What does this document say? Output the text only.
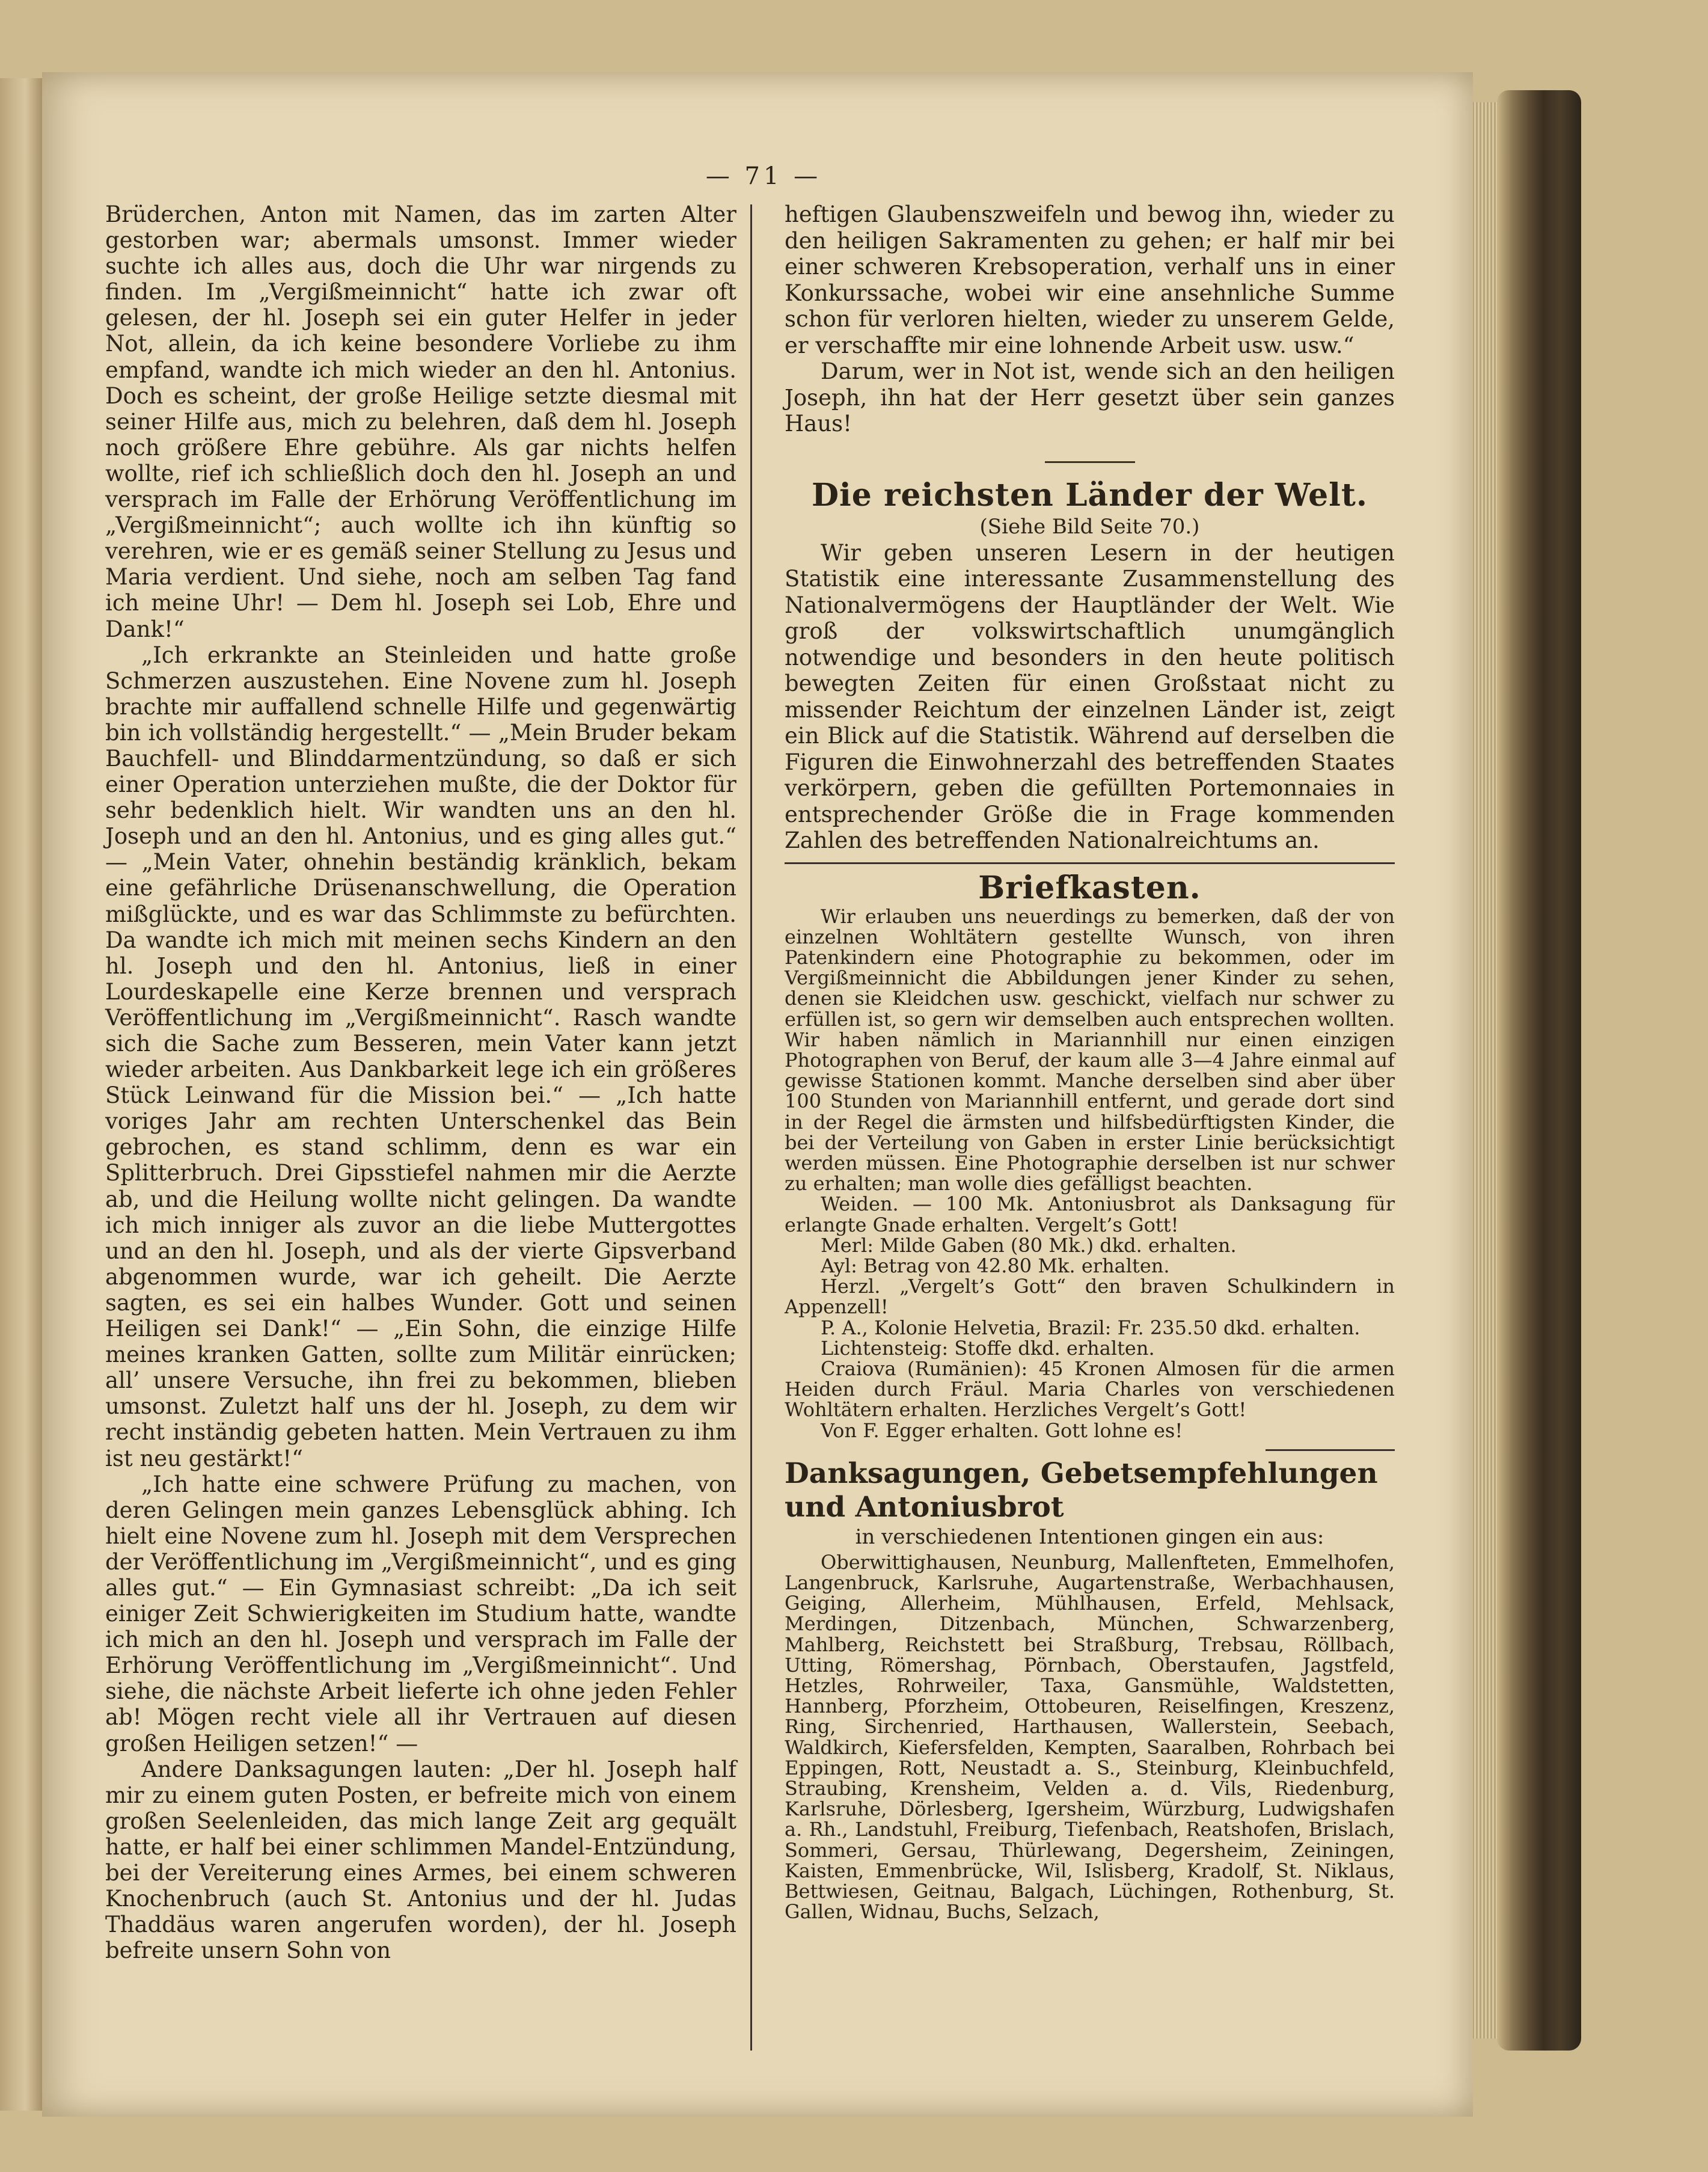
— 71 —

Brüderchen, Anton mit Namen, das im zarten Alter gestorben war; abermals umsonst. Immer wieder suchte ich alles aus, doch die Uhr war nirgends zu finden. Im „Vergißmeinnicht“ hatte ich zwar oft gelesen, der hl. Joseph sei ein guter Helfer in jeder Not, allein, da ich keine besondere Vorliebe zu ihm empfand, wandte ich mich wieder an den hl. Antonius. Doch es scheint, der große Heilige setzte diesmal mit seiner Hilfe aus, mich zu belehren, daß dem hl. Joseph noch größere Ehre gebühre. Als gar nichts helfen wollte, rief ich schließlich doch den hl. Joseph an und versprach im Falle der Erhörung Veröffentlichung im „Vergißmeinnicht“; auch wollte ich ihn künftig so verehren, wie er es gemäß seiner Stellung zu Jesus und Maria verdient. Und siehe, noch am selben Tag fand ich meine Uhr! — Dem hl. Joseph sei Lob, Ehre und Dank!“

„Ich erkrankte an Steinleiden und hatte große Schmerzen auszustehen. Eine Novene zum hl. Joseph brachte mir auffallend schnelle Hilfe und gegenwärtig bin ich vollständig hergestellt.“ — „Mein Bruder bekam Bauchfell- und Blinddarmentzündung, so daß er sich einer Operation unterziehen mußte, die der Doktor für sehr bedenklich hielt. Wir wandten uns an den hl. Joseph und an den hl. Antonius, und es ging alles gut.“ — „Mein Vater, ohnehin beständig kränklich, bekam eine gefährliche Drüsenanschwellung, die Operation mißglückte, und es war das Schlimmste zu befürchten. Da wandte ich mich mit meinen sechs Kindern an den hl. Joseph und den hl. Antonius, ließ in einer Lourdeskapelle eine Kerze brennen und versprach Veröffentlichung im „Vergißmeinnicht“. Rasch wandte sich die Sache zum Besseren, mein Vater kann jetzt wieder arbeiten. Aus Dankbarkeit lege ich ein größeres Stück Leinwand für die Mission bei.“ — „Ich hatte voriges Jahr am rechten Unterschenkel das Bein gebrochen, es stand schlimm, denn es war ein Splitterbruch. Drei Gipsstiefel nahmen mir die Aerzte ab, und die Heilung wollte nicht gelingen. Da wandte ich mich inniger als zuvor an die liebe Muttergottes und an den hl. Joseph, und als der vierte Gipsverband abgenommen wurde, war ich geheilt. Die Aerzte sagten, es sei ein halbes Wunder. Gott und seinen Heiligen sei Dank!“ — „Ein Sohn, die einzige Hilfe meines kranken Gatten, sollte zum Militär einrücken; all’ unsere Versuche, ihn frei zu bekommen, blieben umsonst. Zuletzt half uns der hl. Joseph, zu dem wir recht inständig gebeten hatten. Mein Vertrauen zu ihm ist neu gestärkt!“

„Ich hatte eine schwere Prüfung zu machen, von deren Gelingen mein ganzes Lebensglück abhing. Ich hielt eine Novene zum hl. Joseph mit dem Versprechen der Veröffentlichung im „Vergißmeinnicht“, und es ging alles gut.“ — Ein Gymnasiast schreibt: „Da ich seit einiger Zeit Schwierigkeiten im Studium hatte, wandte ich mich an den hl. Joseph und versprach im Falle der Erhörung Veröffentlichung im „Vergißmeinnicht“. Und siehe, die nächste Arbeit lieferte ich ohne jeden Fehler ab! Mögen recht viele all ihr Vertrauen auf diesen großen Heiligen setzen!“ —

Andere Danksagungen lauten: „Der hl. Joseph half mir zu einem guten Posten, er befreite mich von einem großen Seelenleiden, das mich lange Zeit arg gequält hatte, er half bei einer schlimmen Mandel-Entzündung, bei der Vereiterung eines Armes, bei einem schweren Knochenbruch (auch St. Antonius und der hl. Judas Thaddäus waren angerufen worden), der hl. Joseph befreite unsern Sohn von

heftigen Glaubenszweifeln und bewog ihn, wieder zu den heiligen Sakramenten zu gehen; er half mir bei einer schweren Krebsoperation, verhalf uns in einer Konkurssache, wobei wir eine ansehnliche Summe schon für verloren hielten, wieder zu unserem Gelde, er verschaffte mir eine lohnende Arbeit usw. usw.“

Darum, wer in Not ist, wende sich an den heiligen Joseph, ihn hat der Herr gesetzt über sein ganzes Haus!

Die reichsten Länder der Welt.
(Siehe Bild Seite 70.)

Wir geben unseren Lesern in der heutigen Statistik eine interessante Zusammenstellung des Nationalvermögens der Hauptländer der Welt. Wie groß der volkswirtschaftlich unumgänglich notwendige und besonders in den heute politisch bewegten Zeiten für einen Großstaat nicht zu missender Reichtum der einzelnen Länder ist, zeigt ein Blick auf die Statistik. Während auf derselben die Figuren die Einwohnerzahl des betreffenden Staates verkörpern, geben die gefüllten Portemonnaies in entsprechender Größe die in Frage kommenden Zahlen des betreffenden Nationalreichtums an.

Briefkasten.

Wir erlauben uns neuerdings zu bemerken, daß der von einzelnen Wohltätern gestellte Wunsch, von ihren Patenkindern eine Photographie zu bekommen, oder im Vergißmeinnicht die Abbildungen jener Kinder zu sehen, denen sie Kleidchen usw. geschickt, vielfach nur schwer zu erfüllen ist, so gern wir demselben auch entsprechen wollten. Wir haben nämlich in Mariannhill nur einen einzigen Photographen von Beruf, der kaum alle 3—4 Jahre einmal auf gewisse Stationen kommt. Manche derselben sind aber über 100 Stunden von Mariannhill entfernt, und gerade dort sind in der Regel die ärmsten und hilfsbedürftigsten Kinder, die bei der Verteilung von Gaben in erster Linie berücksichtigt werden müssen. Eine Photographie derselben ist nur schwer zu erhalten; man wolle dies gefälligst beachten.

Weiden. — 100 Mk. Antoniusbrot als Danksagung für erlangte Gnade erhalten. Vergelt’s Gott!

Merl: Milde Gaben (80 Mk.) dkd. erhalten.

Ayl: Betrag von 42.80 Mk. erhalten.

Herzl. „Vergelt’s Gott“ den braven Schulkindern in Appenzell!

P. A., Kolonie Helvetia, Brazil: Fr. 235.50 dkd. erhalten.

Lichtensteig: Stoffe dkd. erhalten.

Craiova (Rumänien): 45 Kronen Almosen für die armen Heiden durch Fräul. Maria Charles von verschiedenen Wohltätern erhalten. Herzliches Vergelt’s Gott!

Von F. Egger erhalten. Gott lohne es!

Danksagungen, Gebetsempfehlungen und Antoniusbrot
in verschiedenen Intentionen gingen ein aus:

Oberwittighausen, Neunburg, Mallenfteten, Emmelhofen, Langenbruck, Karlsruhe, Augartenstraße, Werbachhausen, Geiging, Allerheim, Mühlhausen, Erfeld, Mehlsack, Merdingen, Ditzenbach, München, Schwarzenberg, Mahlberg, Reichstett bei Straßburg, Trebsau, Röllbach, Utting, Römershag, Pörnbach, Oberstaufen, Jagstfeld, Hetzles, Rohrweiler, Taxa, Gansmühle, Waldstetten, Hannberg, Pforzheim, Ottobeuren, Reiselfingen, Kreszenz, Ring, Sirchenried, Harthausen, Wallerstein, Seebach, Waldkirch, Kiefersfelden, Kempten, Saaralben, Rohrbach bei Eppingen, Rott, Neustadt a. S., Steinburg, Kleinbuchfeld, Straubing, Krensheim, Velden a. d. Vils, Riedenburg, Karlsruhe, Dörlesberg, Igersheim, Würzburg, Ludwigshafen a. Rh., Landstuhl, Freiburg, Tiefenbach, Reatshofen, Brislach, Sommeri, Gersau, Thürlewang, Degersheim, Zeiningen, Kaisten, Emmenbrücke, Wil, Islisberg, Kradolf, St. Niklaus, Bettwiesen, Geitnau, Balgach, Lüchingen, Rothenburg, St. Gallen, Widnau, Buchs, Selzach,
